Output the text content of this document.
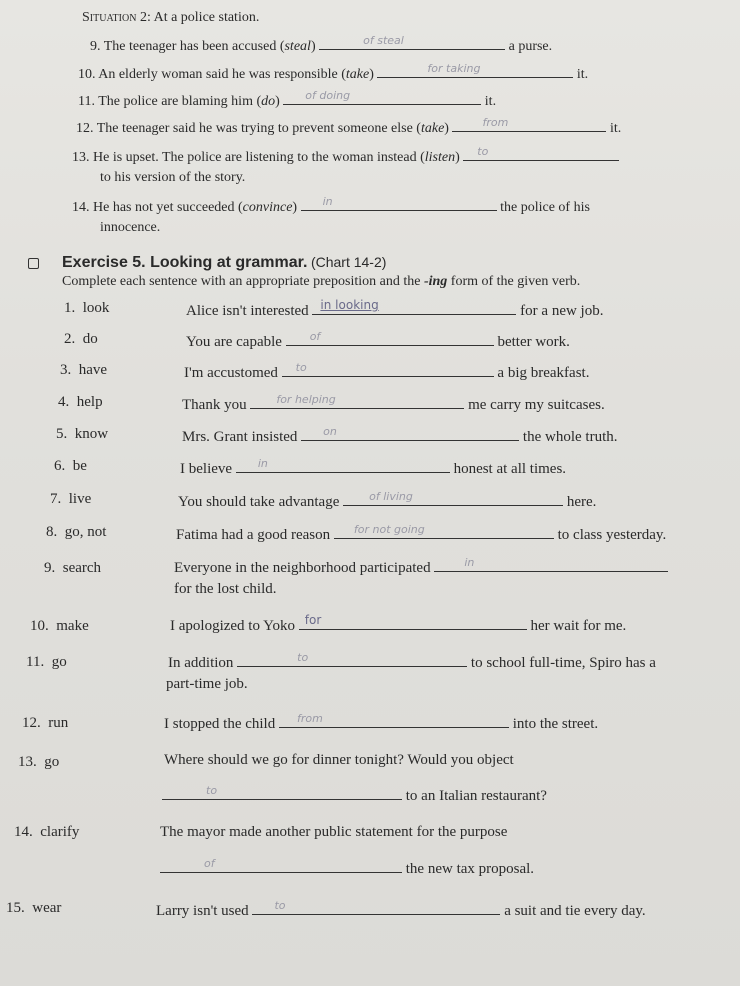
Situation 2: At a police station.
9. The teenager has been accused (steal)	of steal	a purse.
10. An elderly woman said he was responsible (take)	for taking	it.
11. The police are blaming him (do) of doing	it.
12. The teenager said he was trying to prevent someone else (take)	from	it.
13. He is upset. The police are listening to the woman instead (listen) to
to his version of the story.
14. He has not yet succeeded (convince) in	the police of his
innocence.
Exercise 5. Looking at grammar. (Chart 14-2)
Complete each sentence with an appropriate preposition and the -ing form of the given verb.
1. look	Alice isn't interested in looking	for a new job.
2. do	You are capable	of	better work.
3. have	I'm accustomed to	a big breakfast.
4. help	Thank you	for helping	me carry my suitcases.
5. know	Mrs. Grant insisted on	the whole truth.
6. be	I believe in	honest at all times.
7. live	You should take advantage	of living	here.
8. go, not	Fatima had a good reason for not going	to class yesterday.
9. search	Everyone in the neighborhood participated	in
for the lost child.
10. make	I apologized to Yoko for	her wait for me.
11. go	In addition	to	to school full-time, Spiro has a
part-time job.
12. run	I stopped the child from	into the street.
13. go	Where should we go for dinner tonight? Would you object
to	to an Italian restaurant?
14. clarify	The mayor made another public statement for the purpose
of	the new tax proposal.
15. wear	Larry isn't used to	a suit and tie every day.
